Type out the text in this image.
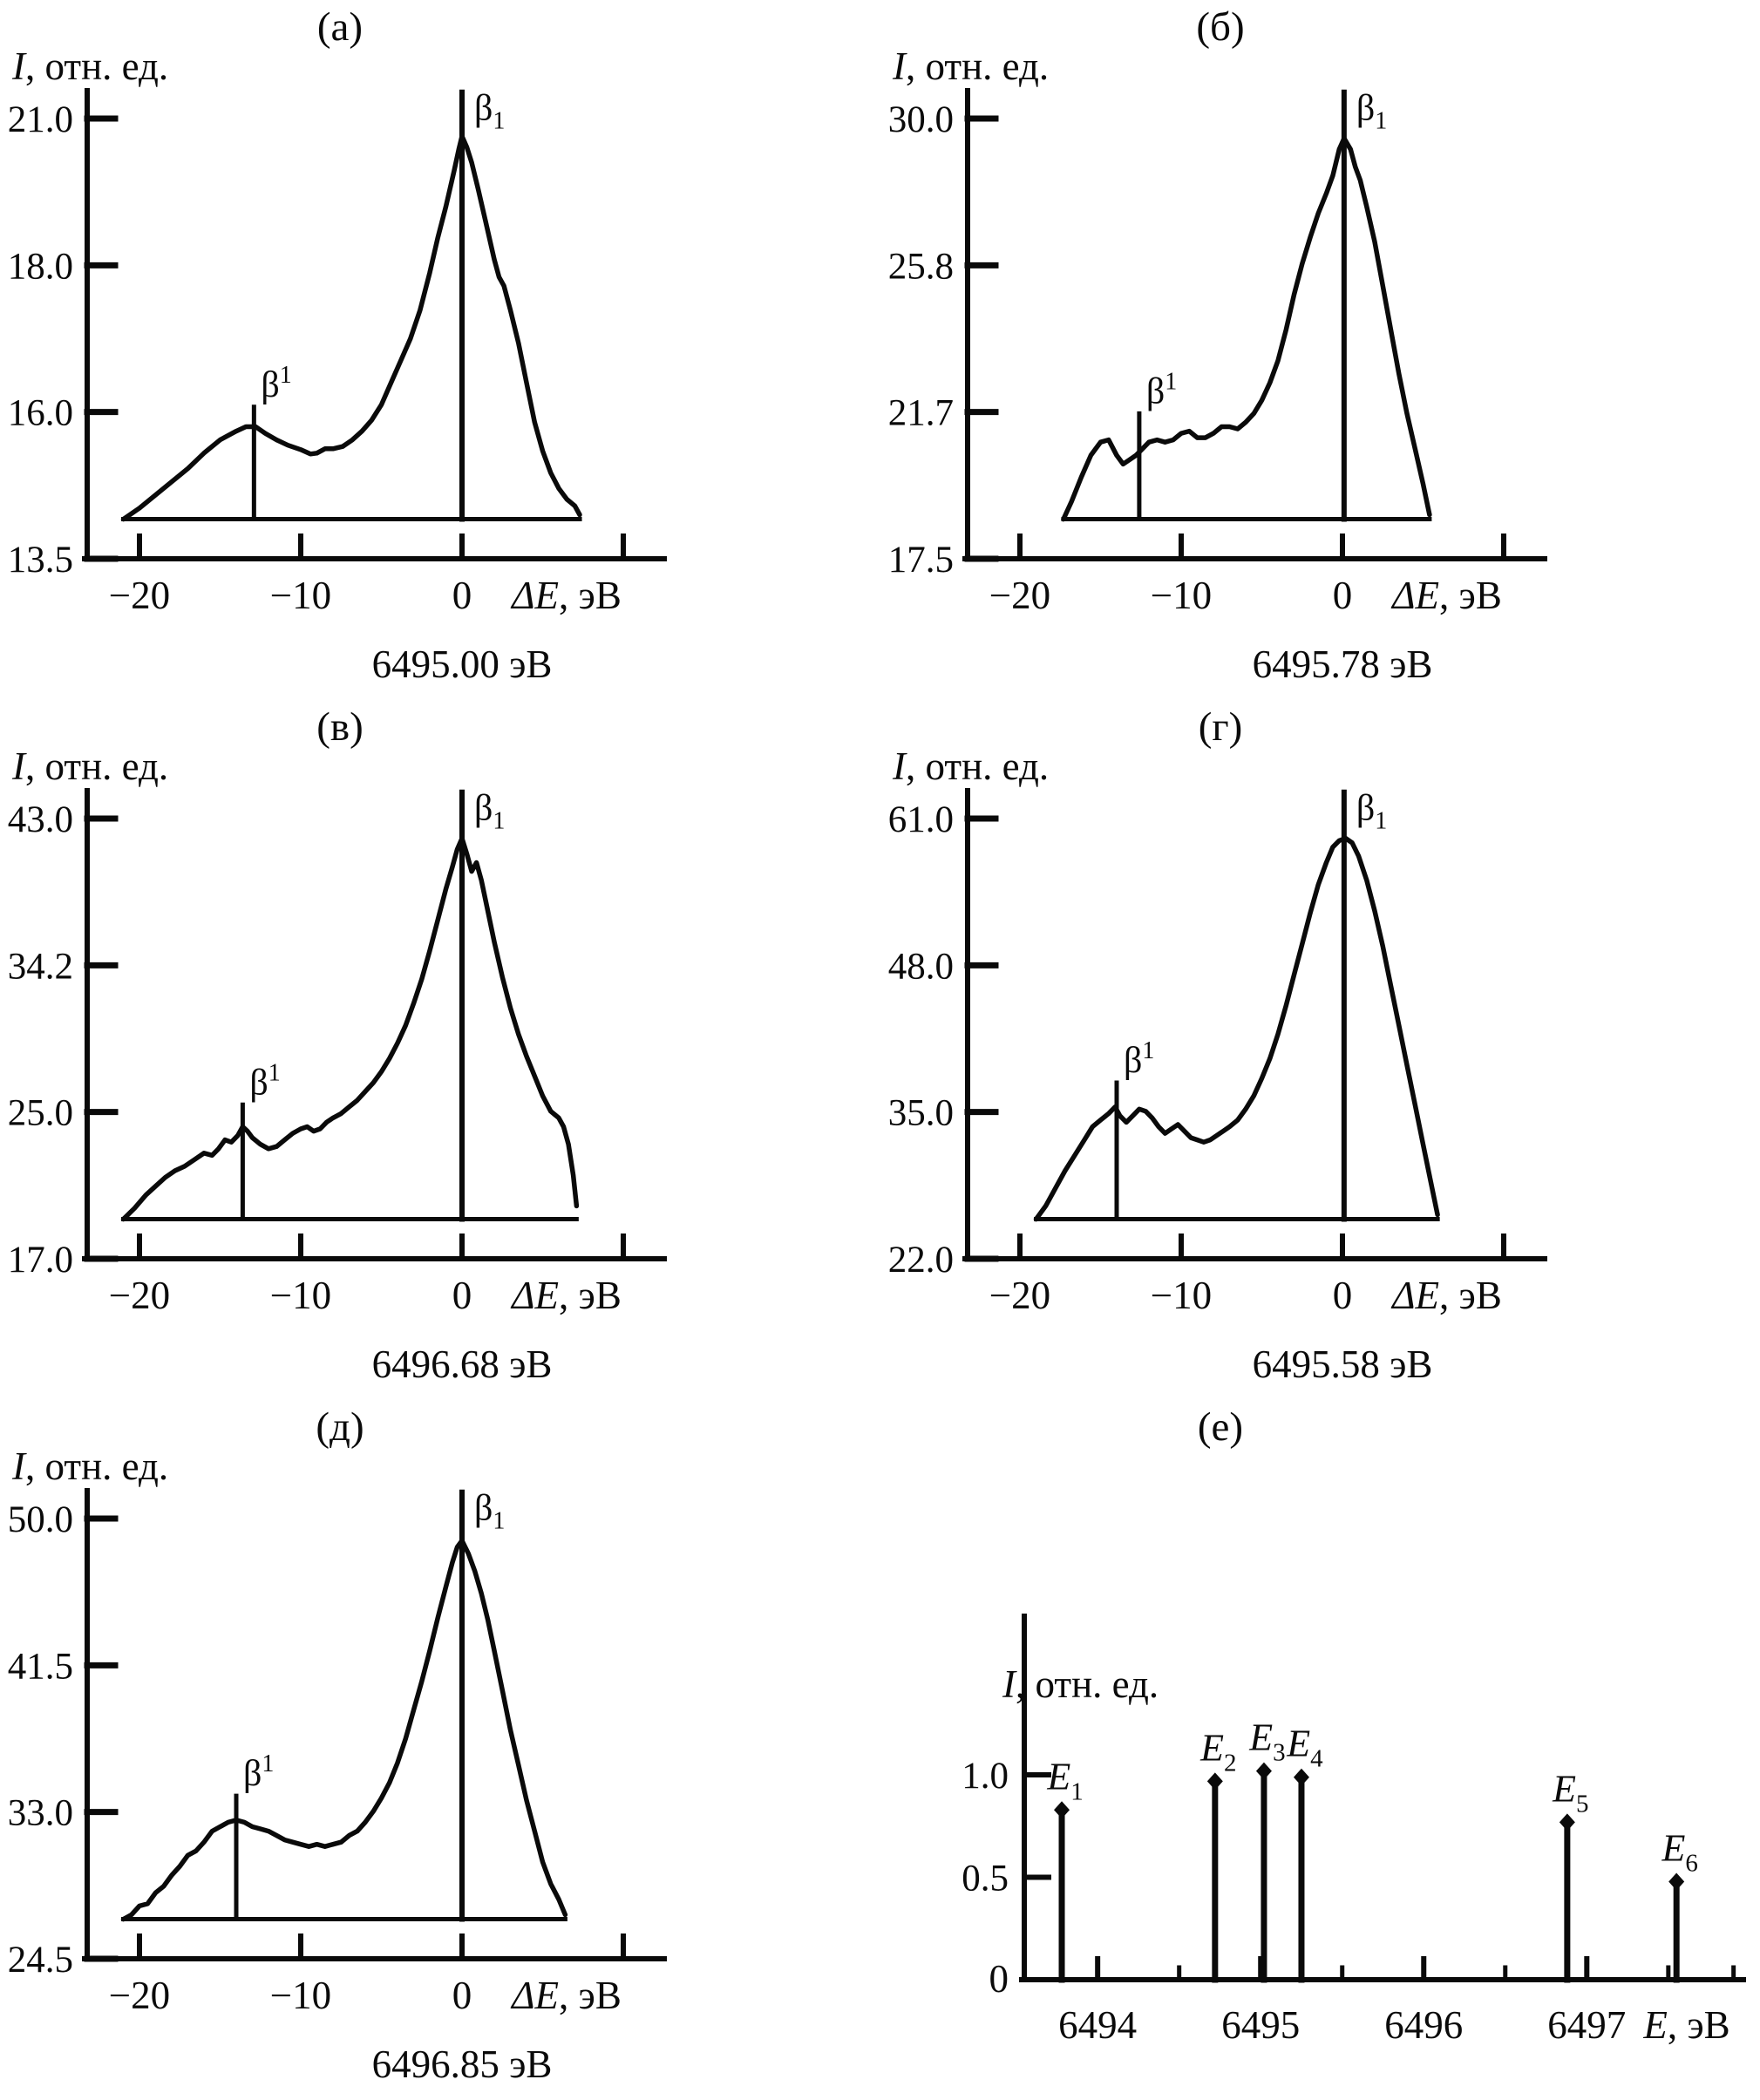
(а)
I, отн. ед.
21.0
18.0
16.0
13.5
−20	−10	0 ΔE, эВ
$\beta^1$
$\beta_1$
6495.00 эВ
(б)
I, отн. ед.
30.0
25.8
21.7
17.5
−20	−10	0 ΔE, эВ
$\beta^1$
$\beta_1$
6495.78 эВ
(в)
I, отн. ед.
43.0
34.2
25.0
17.0
−20	−10	0 ΔE, эВ
$\beta^1$
$\beta_1$
6496.68 эВ
(г)
I, отн. ед.
61.0
48.0
35.0
22.0
−20	−10	0 ΔE, эВ
$\beta^1$
$\beta_1$
6495.58 эВ
(д)
I, отн. ед.
50.0
41.5
33.0
24.5
−20	−10	0 ΔE, эВ
$\beta^1$
$\beta_1$
6496.85 эВ
(е)
I, отн. ед.
1.0
0.5
0
6494 6495 6496 6497 E, эВ
$E_1$
$E_2$
$E_3$ $E_4$
$E_5$
$E_6$
